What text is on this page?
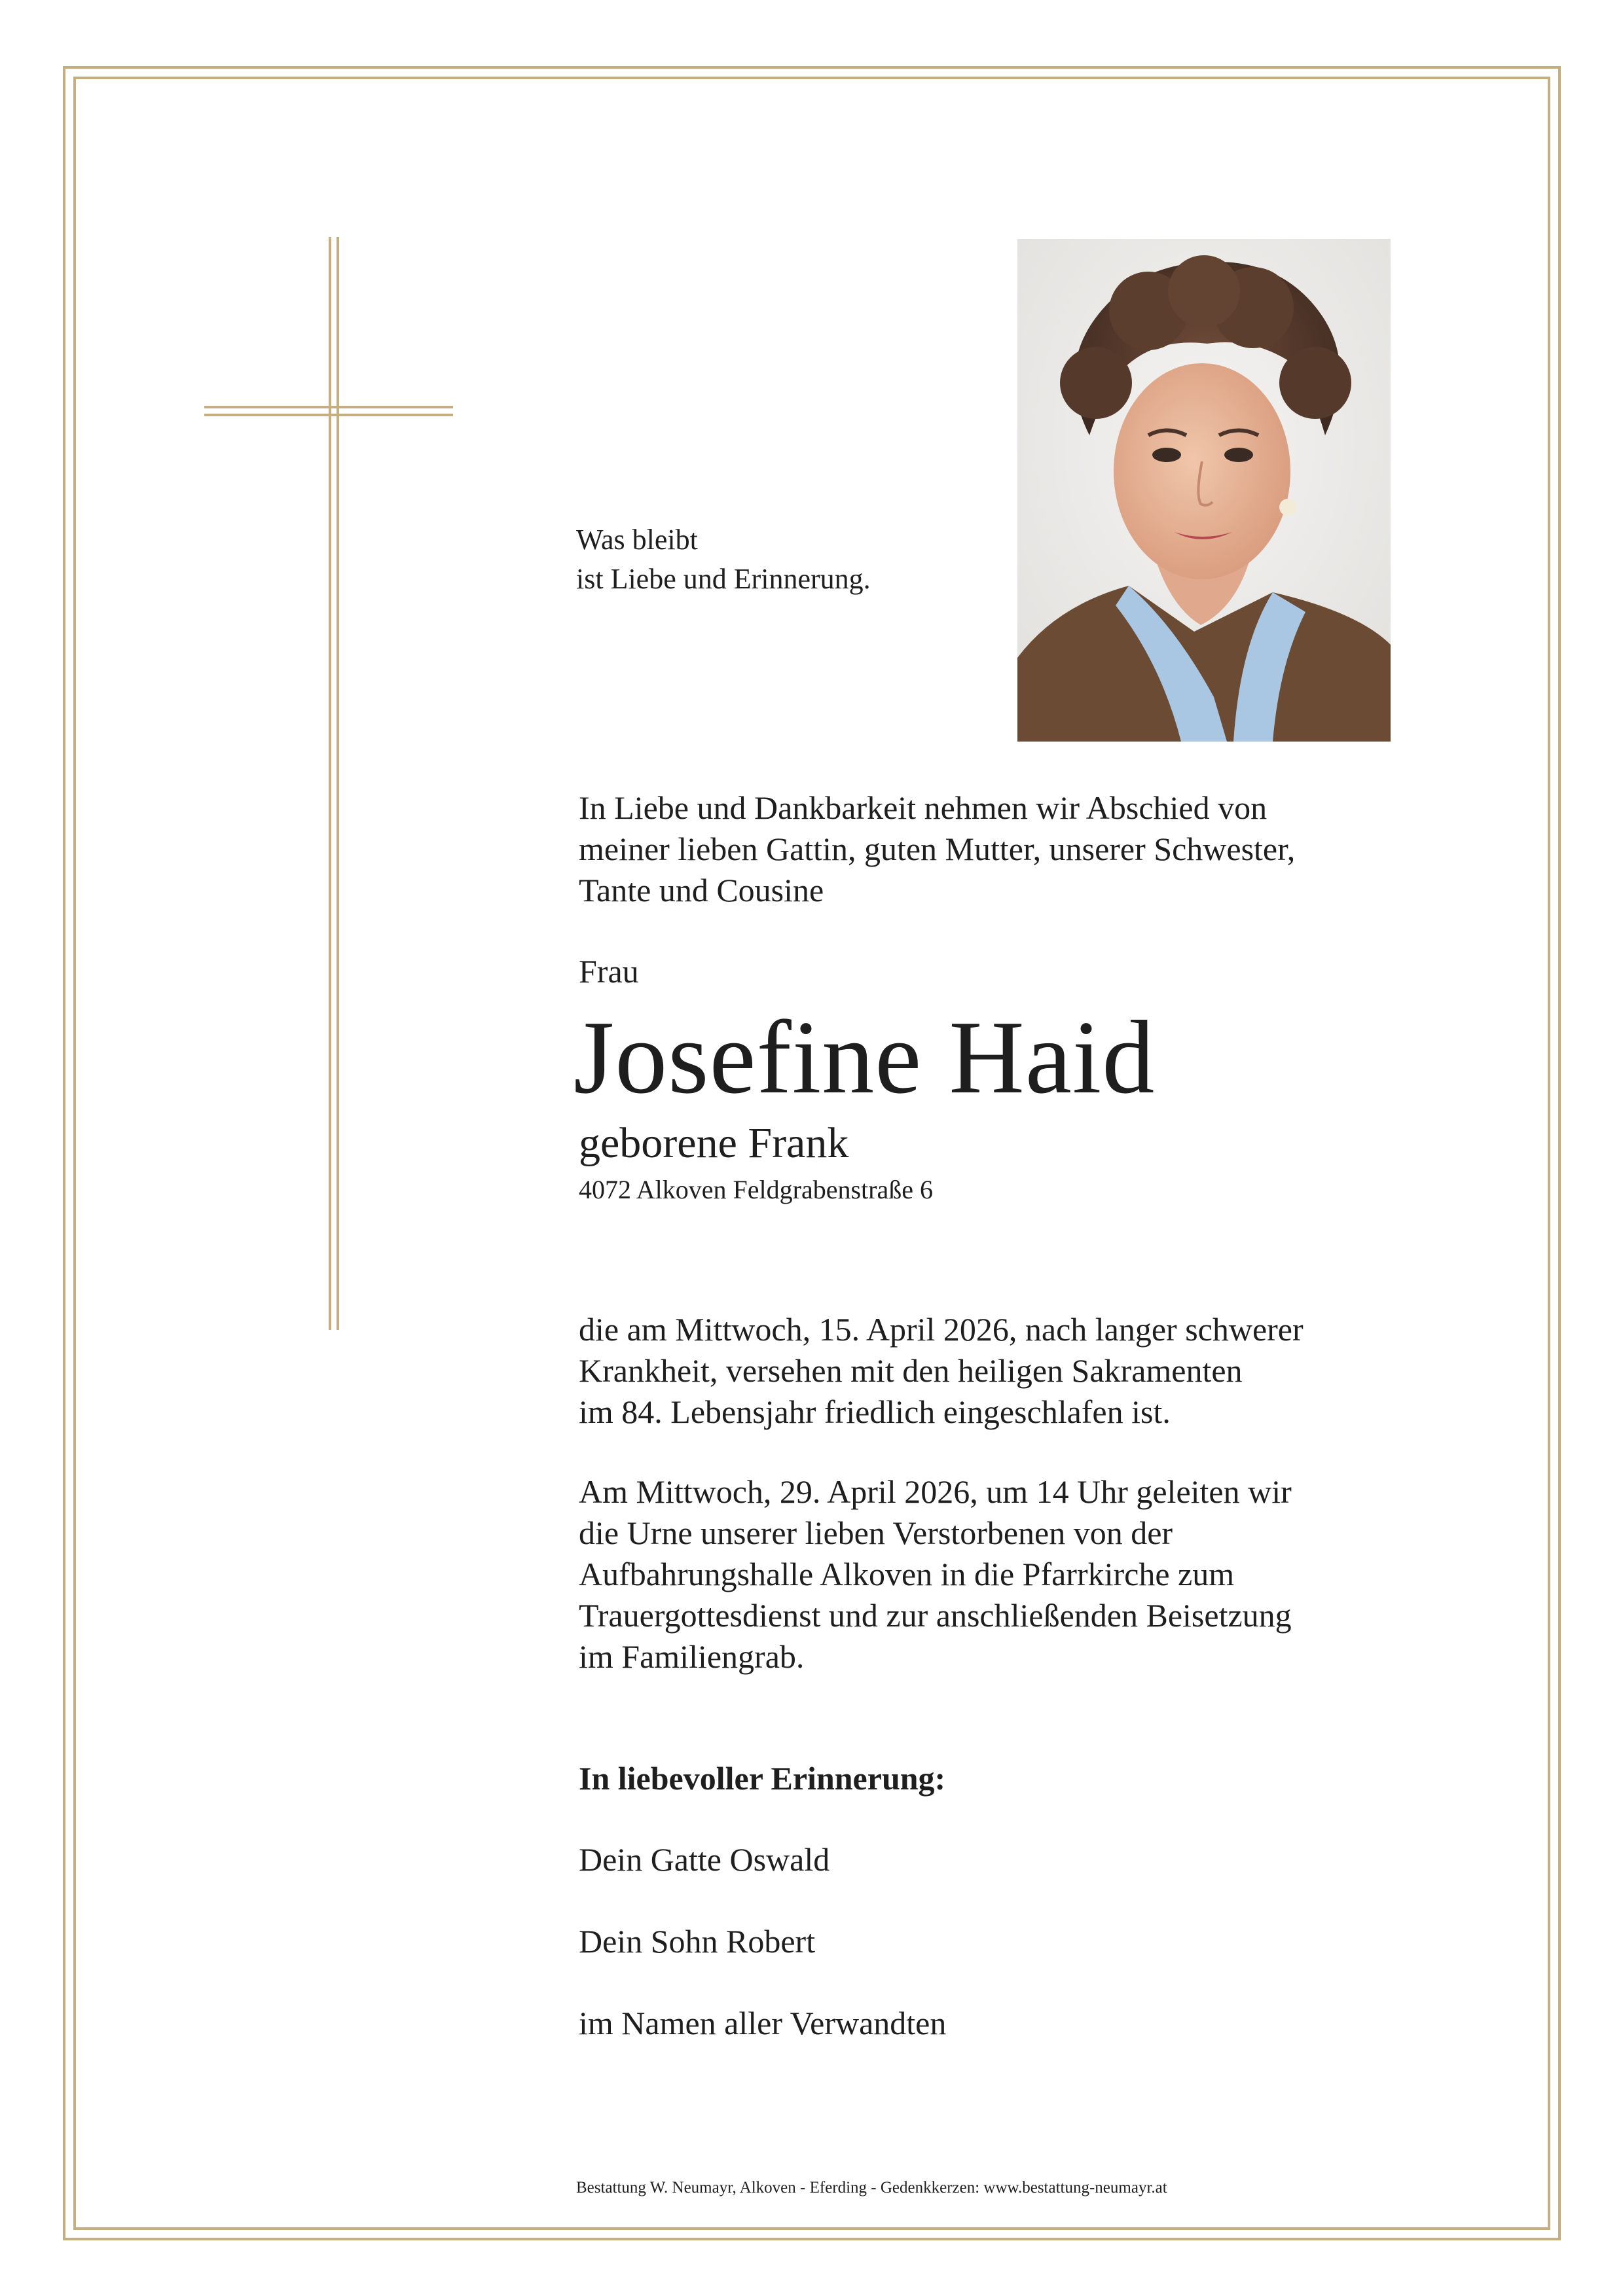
Was bleibt
ist Liebe und Erinnerung.
In Liebe und Dankbarkeit nehmen wir Abschied von
meiner lieben Gattin, guten Mutter, unserer Schwester,
Tante und Cousine
Frau
Josefine Haid
geborene Frank
4072 Alkoven Feldgrabenstraße 6
die am Mittwoch, 15. April 2026, nach langer schwerer
Krankheit, versehen mit den heiligen Sakramenten
im 84. Lebensjahr friedlich eingeschlafen ist.
Am Mittwoch, 29. April 2026, um 14 Uhr geleiten wir
die Urne unserer lieben Verstorbenen von der
Aufbahrungshalle Alkoven in die Pfarrkirche zum
Trauergottesdienst und zur anschließenden Beisetzung
im Familiengrab.
In liebevoller Erinnerung:
Dein Gatte Oswald
Dein Sohn Robert
im Namen aller Verwandten
Bestattung W. Neumayr, Alkoven - Eferding - Gedenkkerzen: www.bestattung-neumayr.at
